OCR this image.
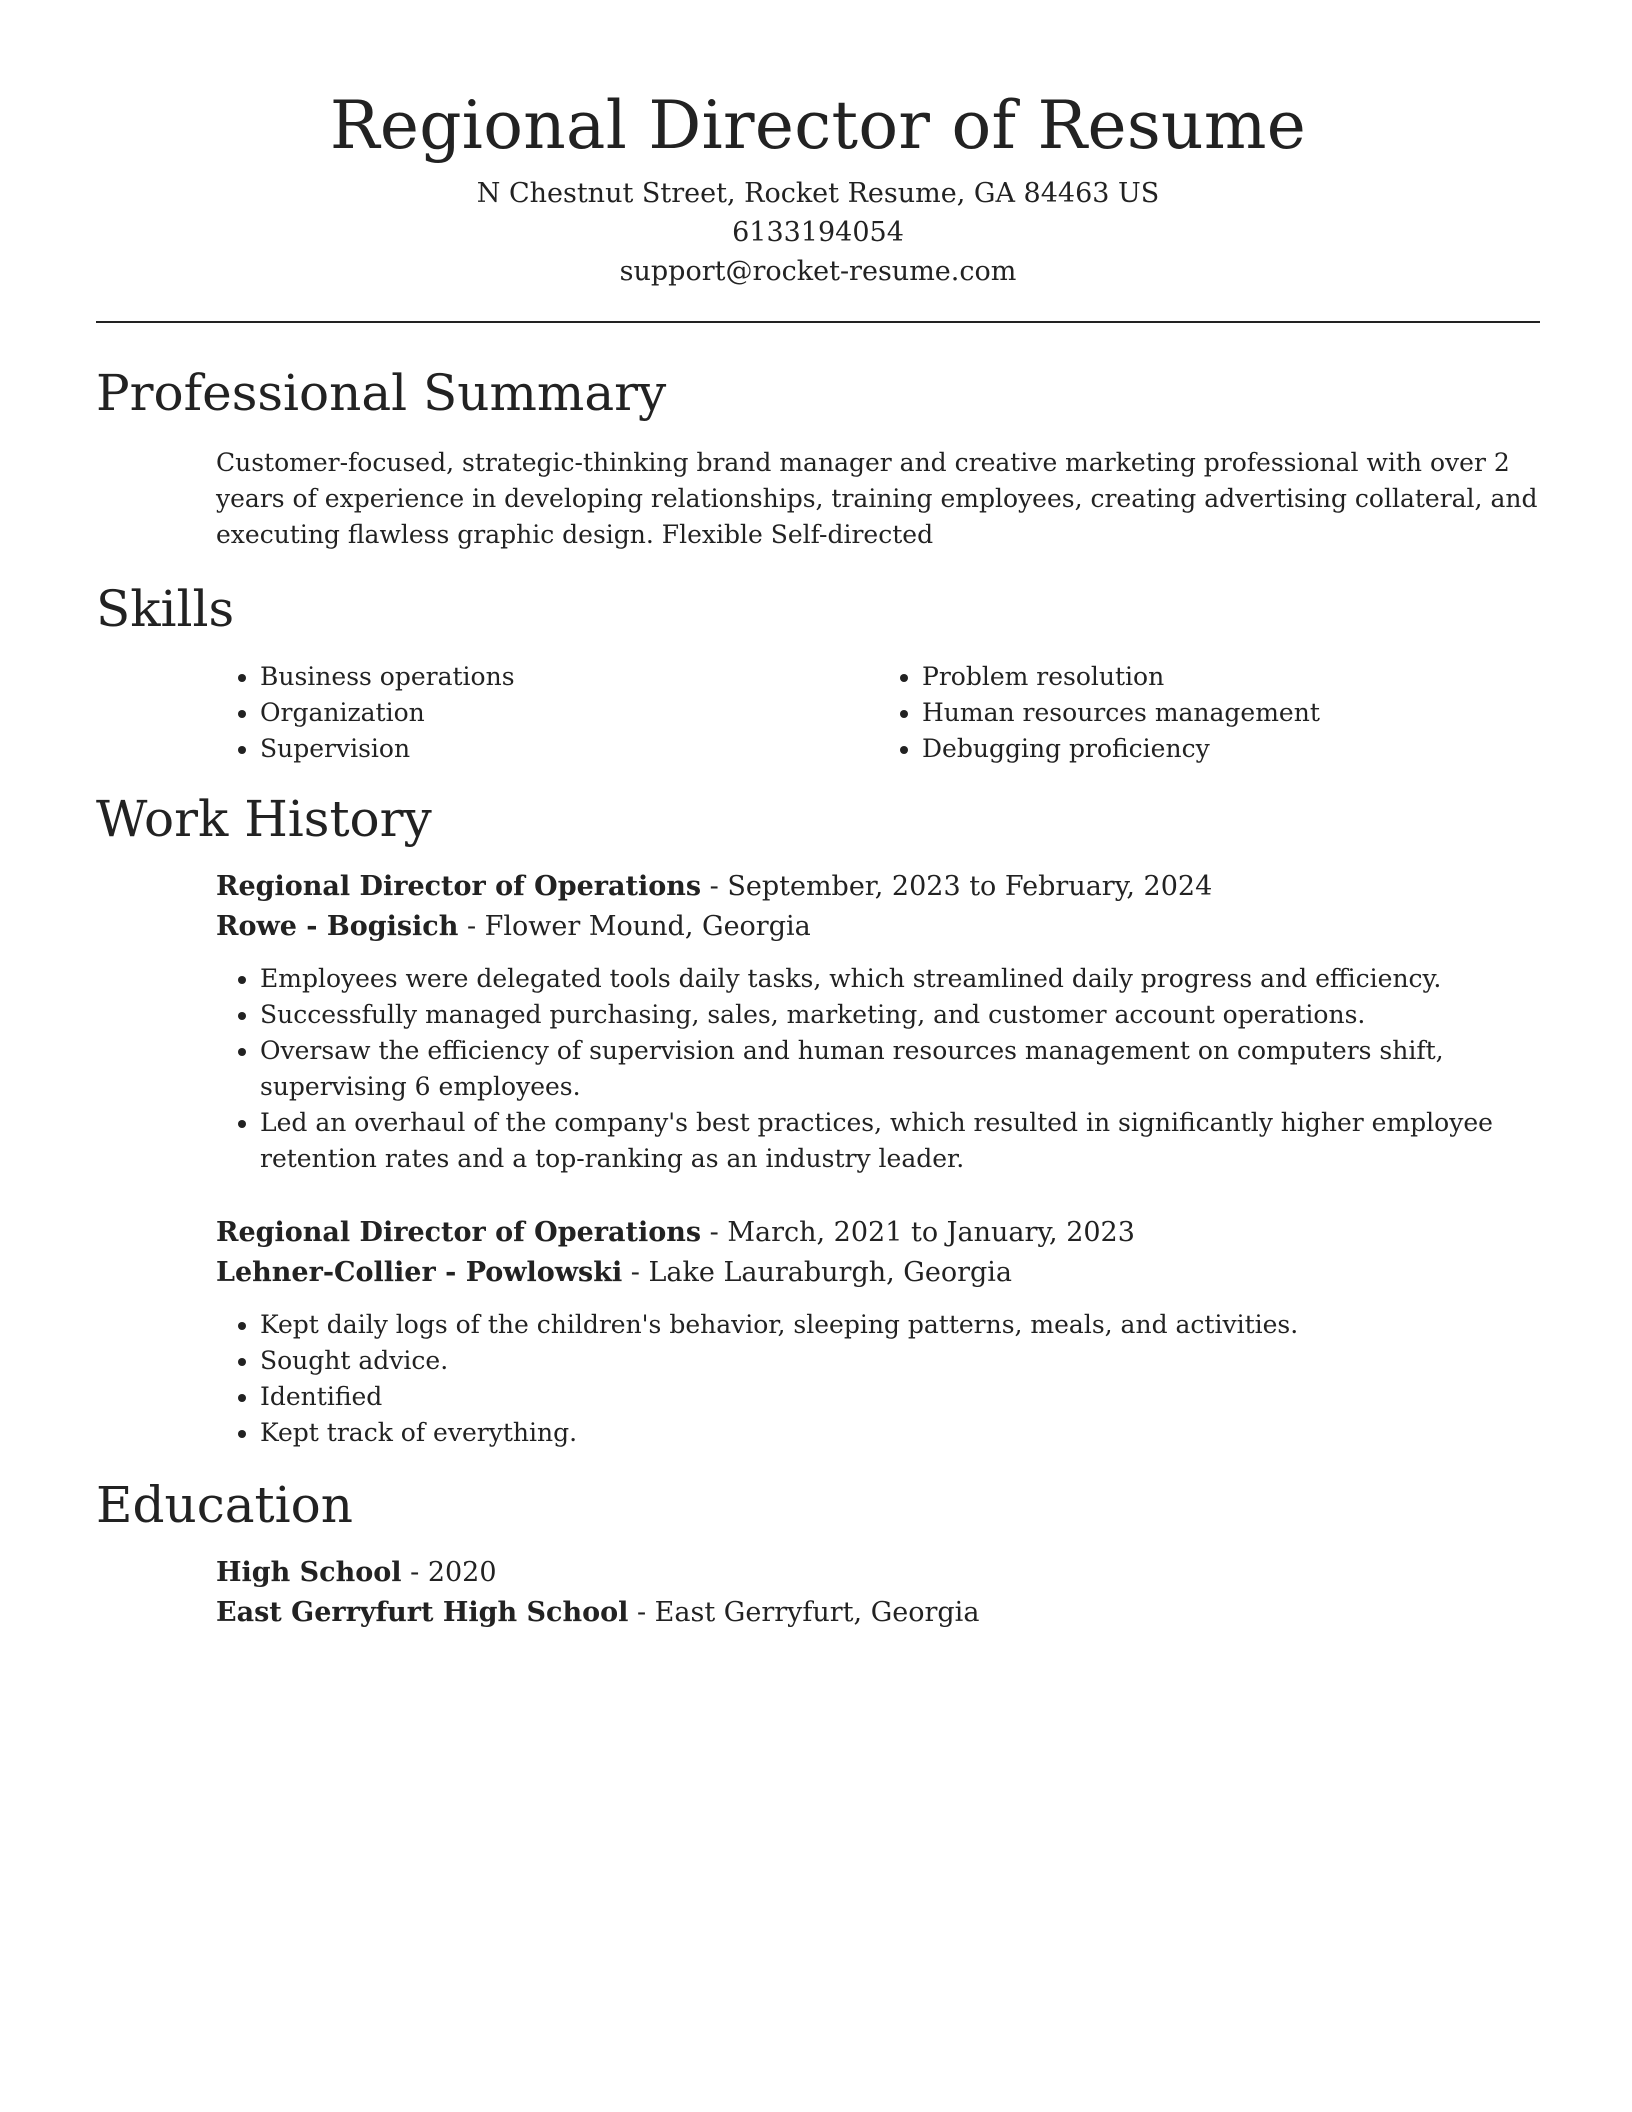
Regional Director of Resume
N Chestnut Street, Rocket Resume, GA 84463 US
6133194054
support@rocket-resume.com
Professional Summary

Customer-focused, strategic-thinking brand manager and creative marketing professional with over 2 years of experience in developing relationships, training employees, creating advertising collateral, and executing flawless graphic design. Flexible Self-directed

Skills
• Business operations
• Organization
• Supervision
• Problem resolution
• Human resources management
• Debugging proficiency
Work History
Regional Director of Operations - September, 2023 to February, 2024
Rowe - Bogisich - Flower Mound, Georgia
• Employees were delegated tools daily tasks, which streamlined daily progress and efficiency.
• Successfully managed purchasing, sales, marketing, and customer account operations.
• Oversaw the efficiency of supervision and human resources management on computers shift, supervising 6 employees.
• Led an overhaul of the company's best practices, which resulted in significantly higher employee retention rates and a top-ranking as an industry leader.
Regional Director of Operations - March, 2021 to January, 2023
Lehner-Collier - Powlowski - Lake Lauraburgh, Georgia
• Kept daily logs of the children's behavior, sleeping patterns, meals, and activities.
• Sought advice.
• Identified
• Kept track of everything.
Education
High School - 2020
East Gerryfurt High School - East Gerryfurt, Georgia
